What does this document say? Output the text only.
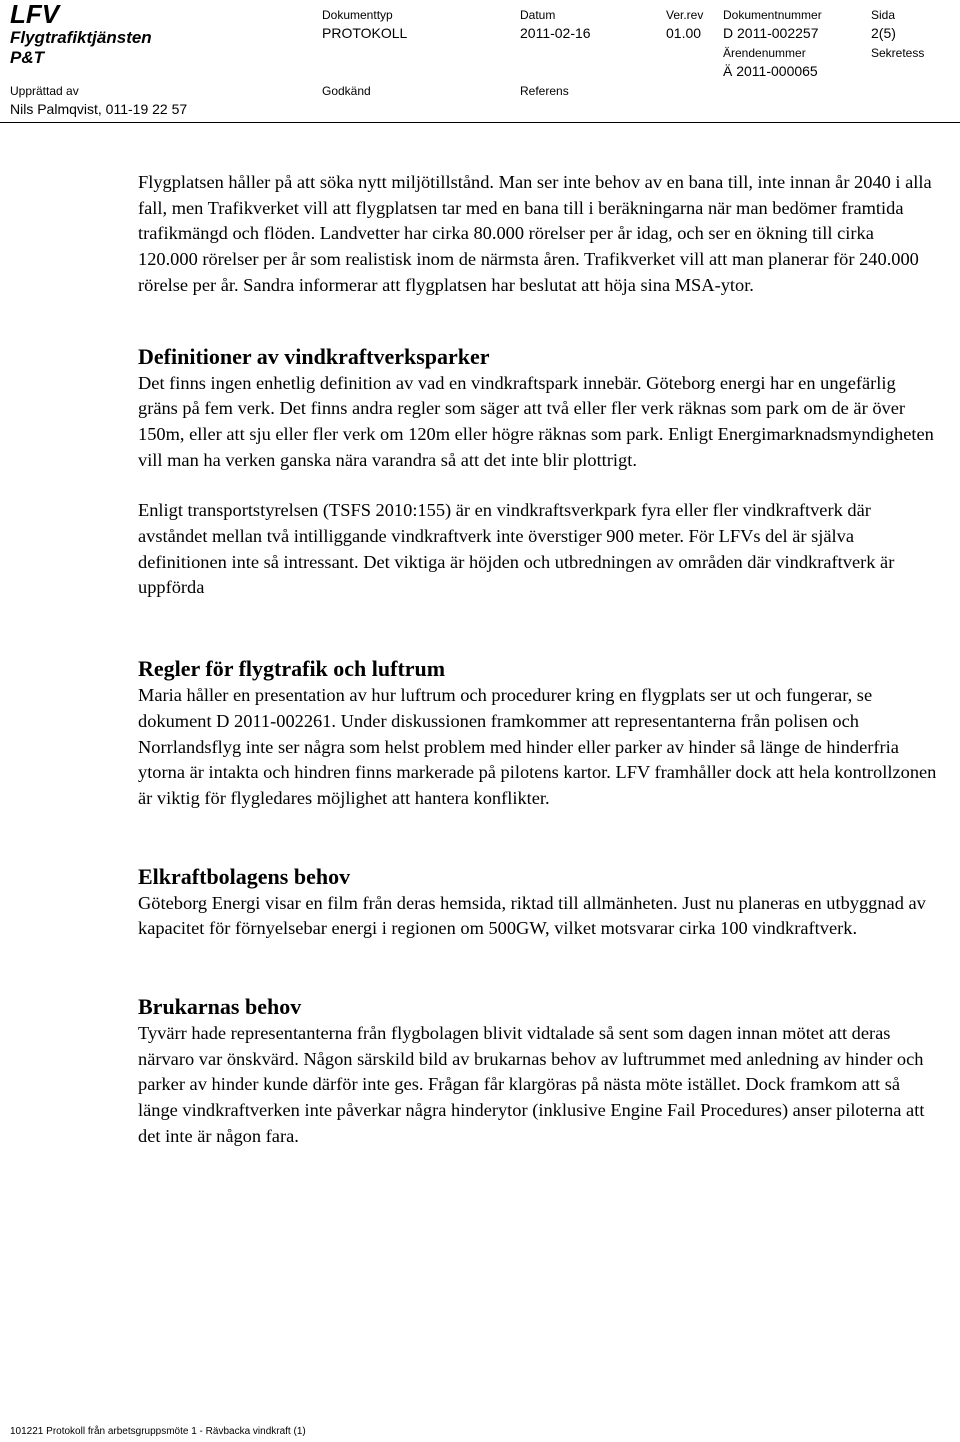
LFV
Flygtrafiktjänsten
P&T
Dokumenttyp
PROTOKOLL
Datum
2011-02-16
Ver.rev
01.00
Dokumentnummer
D 2011-002257
Sida
2(5)
Ärendenummer
Ä 2011-000065
Sekretess
Upprättad av
Nils Palmqvist, 011-19 22 57
Godkänd	Referens

Flygplatsen håller på att söka nytt miljötillstånd. Man ser inte behov av en bana till, inte innan år 2040 i alla fall, men Trafikverket vill att flygplatsen tar med en bana till i beräkningarna när man bedömer framtida trafikmängd och flöden. Landvetter har cirka 80.000 rörelser per år idag, och ser en ökning till cirka 120.000 rörelser per år som realistisk inom de närmsta åren. Trafikverket vill att man planerar för 240.000 rörelse per år. Sandra informerar att flygplatsen har beslutat att höja sina MSA-ytor.

Definitioner av vindkraftverksparker

Det finns ingen enhetlig definition av vad en vindkraftspark innebär. Göteborg energi har en ungefärlig gräns på fem verk. Det finns andra regler som säger att två eller fler verk räknas som park om de är över 150m, eller att sju eller fler verk om 120m eller högre räknas som park. Enligt Energimarknadsmyndigheten vill man ha verken ganska nära varandra så att det inte blir plottrigt.

Enligt transportstyrelsen (TSFS 2010:155) är en vindkraftsverkpark fyra eller fler vindkraftverk där avståndet mellan två intilliggande vindkraftverk inte överstiger 900 meter. För LFVs del är själva definitionen inte så intressant. Det viktiga är höjden och utbredningen av områden där vindkraftverk är uppförda

Regler för flygtrafik och luftrum

Maria håller en presentation av hur luftrum och procedurer kring en flygplats ser ut och fungerar, se dokument D 2011-002261. Under diskussionen framkommer att representanterna från polisen och Norrlandsflyg inte ser några som helst problem med hinder eller parker av hinder så länge de hinderfria ytorna är intakta och hindren finns markerade på pilotens kartor. LFV framhåller dock att hela kontrollzonen är viktig för flygledares möjlighet att hantera konflikter.

Elkraftbolagens behov

Göteborg Energi visar en film från deras hemsida, riktad till allmänheten. Just nu planeras en utbyggnad av kapacitet för förnyelsebar energi i regionen om 500GW, vilket motsvarar cirka 100 vindkraftverk.

Brukarnas behov

Tyvärr hade representanterna från flygbolagen blivit vidtalade så sent som dagen innan mötet att deras närvaro var önskvärd. Någon särskild bild av brukarnas behov av luftrummet med anledning av hinder och parker av hinder kunde därför inte ges. Frågan får klargöras på nästa möte istället. Dock framkom att så länge vindkraftverken inte påverkar några hinderytor (inklusive Engine Fail Procedures) anser piloterna att det inte är någon fara.

101221 Protokoll från arbetsgruppsmöte 1 - Rävbacka vindkraft (1)
